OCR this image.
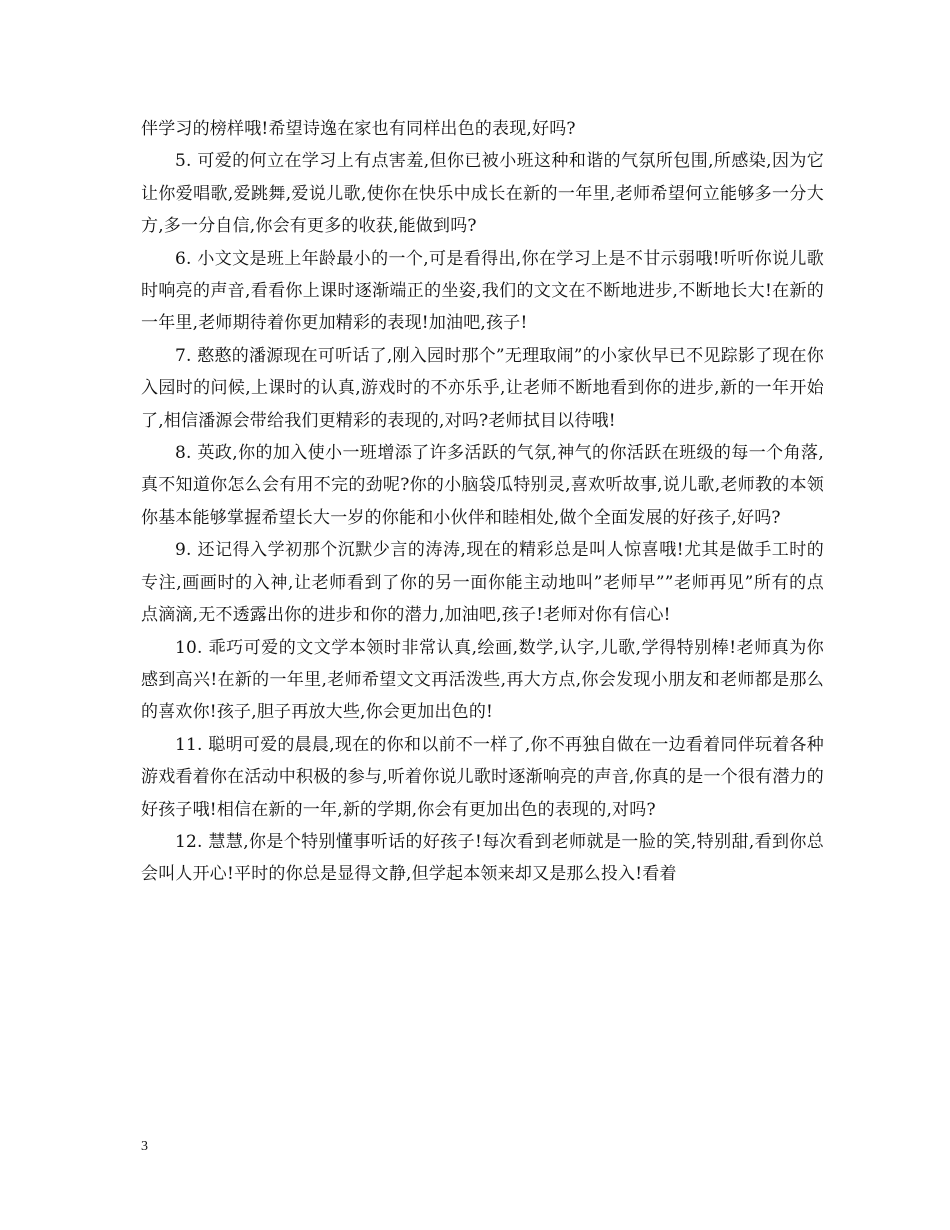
伴学习的榜样哦!希望诗逸在家也有同样出色的表现,好吗?

5. 可爱的何立在学习上有点害羞,但你已被小班这种和谐的气氛所包围,所感染,因为它让你爱唱歌,爱跳舞,爱说儿歌,使你在快乐中成长在新的一年里,老师希望何立能够多一分大方,多一分自信,你会有更多的收获,能做到吗?

6. 小文文是班上年龄最小的一个,可是看得出,你在学习上是不甘示弱哦!听听你说儿歌时响亮的声音,看看你上课时逐渐端正的坐姿,我们的文文在不断地进步,不断地长大!在新的一年里,老师期待着你更加精彩的表现!加油吧,孩子!

7. 憨憨的潘源现在可听话了,刚入园时那个”无理取闹”的小家伙早已不见踪影了现在你入园时的问候,上课时的认真,游戏时的不亦乐乎,让老师不断地看到你的进步,新的一年开始了,相信潘源会带给我们更精彩的表现的,对吗?老师拭目以待哦!

8. 英政,你的加入使小一班增添了许多活跃的气氛,神气的你活跃在班级的每一个角落,真不知道你怎么会有用不完的劲呢?你的小脑袋瓜特别灵,喜欢听故事,说儿歌,老师教的本领你基本能够掌握希望长大一岁的你能和小伙伴和睦相处,做个全面发展的好孩子,好吗?

9. 还记得入学初那个沉默少言的涛涛,现在的精彩总是叫人惊喜哦!尤其是做手工时的专注,画画时的入神,让老师看到了你的另一面你能主动地叫”老师早””老师再见”所有的点点滴滴,无不透露出你的进步和你的潜力,加油吧,孩子!老师对你有信心!

10. 乖巧可爱的文文学本领时非常认真,绘画,数学,认字,儿歌,学得特别棒!老师真为你感到高兴!在新的一年里,老师希望文文再活泼些,再大方点,你会发现小朋友和老师都是那么的喜欢你!孩子,胆子再放大些,你会更加出色的!

11. 聪明可爱的晨晨,现在的你和以前不一样了,你不再独自做在一边看着同伴玩着各种游戏看着你在活动中积极的参与,听着你说儿歌时逐渐响亮的声音,你真的是一个很有潜力的好孩子哦!相信在新的一年,新的学期,你会有更加出色的表现的,对吗?

12. 慧慧,你是个特别懂事听话的好孩子!每次看到老师就是一脸的笑,特别甜,看到你总会叫人开心!平时的你总是显得文静,但学起本领来却又是那么投入!看着

3
